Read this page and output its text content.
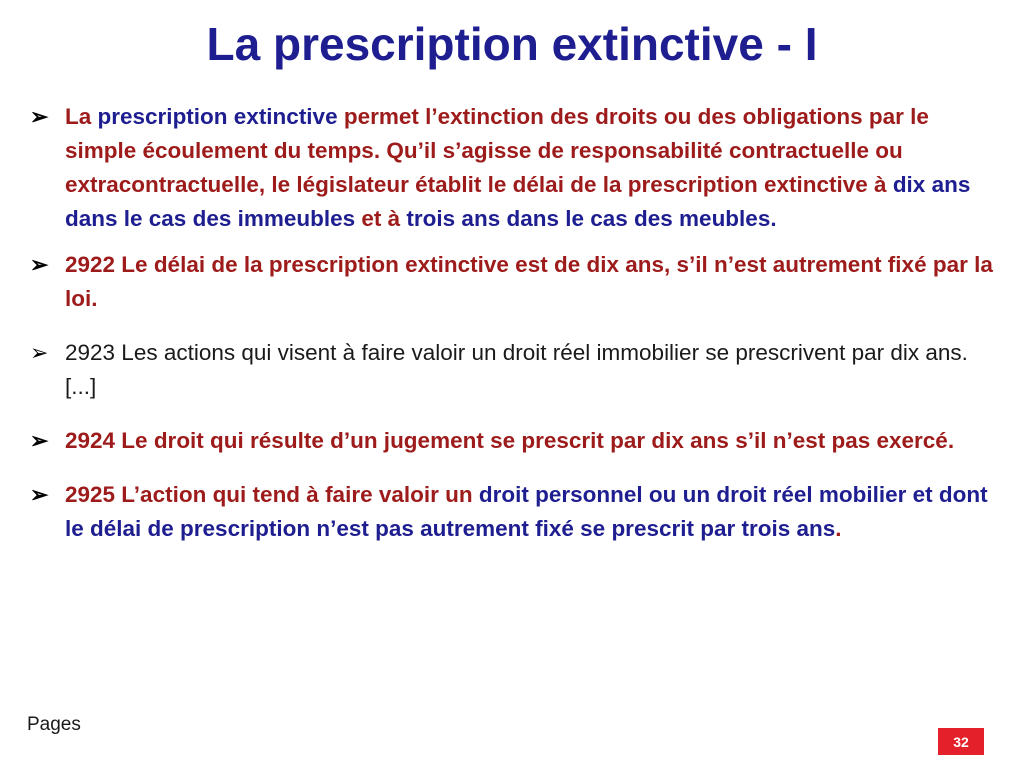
La prescription extinctive - I
➢ La prescription extinctive permet l’extinction des droits ou des obligations par le simple écoulement du temps. Qu’il s’agisse de responsabilité contractuelle ou extracontractuelle, le législateur établit le délai de la prescription extinctive à dix ans dans le cas des immeubles et à trois ans dans le cas des meubles.
➢ 2922 Le délai de la prescription extinctive est de dix ans, s’il n’est autrement fixé par la loi.
➢ 2923 Les actions qui visent à faire valoir un droit réel immobilier se prescrivent par dix ans. [...]
➢ 2924 Le droit qui résulte d’un jugement se prescrit par dix ans s’il n’est pas exercé.
➢ 2925 L’action qui tend à faire valoir un droit personnel ou un droit réel mobilier et dont le délai de prescription n’est pas autrement fixé se prescrit par trois ans.
Pages
32
